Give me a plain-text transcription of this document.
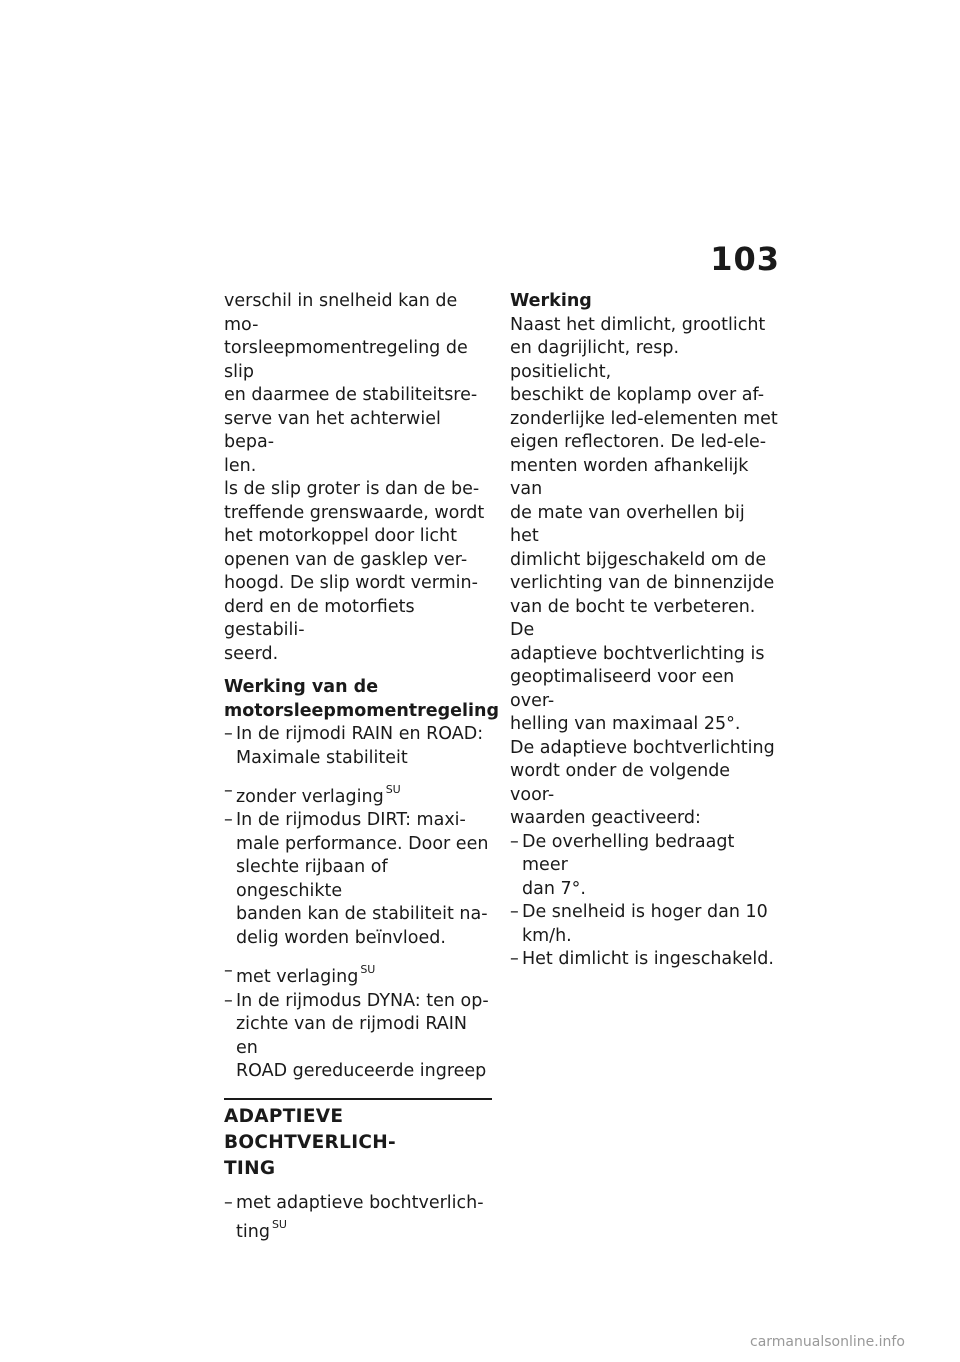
103

verschil in snelheid kan de mo-

torsleepmomentregeling de slip

en daarmee de stabiliteitsre-

serve van het achterwiel bepa-

len.

ls de slip groter is dan de be-

treffende grenswaarde, wordt

het motorkoppel door licht

openen van de gasklep ver-

hoogd. De slip wordt vermin-

derd en de motorfiets gestabili-

seerd.

Werking van de

motorsleepmomentregeling

– In de rijmodi RAIN en ROAD:

Maximale stabiliteit

– zonder verlaging $^{SU}$

– In de rijmodus DIRT: maxi-

male performance. Door een

slechte rijbaan of ongeschikte

banden kan de stabiliteit na-

delig worden beïnvloed.

– met verlaging $^{SU}$

– In de rijmodus DYNA: ten op-

zichte van de rijmodi RAIN en

ROAD gereduceerde ingreep

ADAPTIEVE BOCHTVERLICH-

TING

– met adaptieve bochtverlich-

ting $^{SU}$

Werking

Naast het dimlicht, grootlicht

en dagrijlicht, resp. positielicht,

beschikt de koplamp over af-

zonderlijke led-elementen met

eigen reflectoren. De led-ele-

menten worden afhankelijk van

de mate van overhellen bij het

dimlicht bijgeschakeld om de

verlichting van de binnenzijde

van de bocht te verbeteren. De

adaptieve bochtverlichting is

geoptimaliseerd voor een over-

helling van maximaal 25°.

De adaptieve bochtverlichting

wordt onder de volgende voor-

waarden geactiveerd:

– De overhelling bedraagt meer

dan 7°.

– De snelheid is hoger dan 10

km/h.

– Het dimlicht is ingeschakeld.

carmanualsonline.info
